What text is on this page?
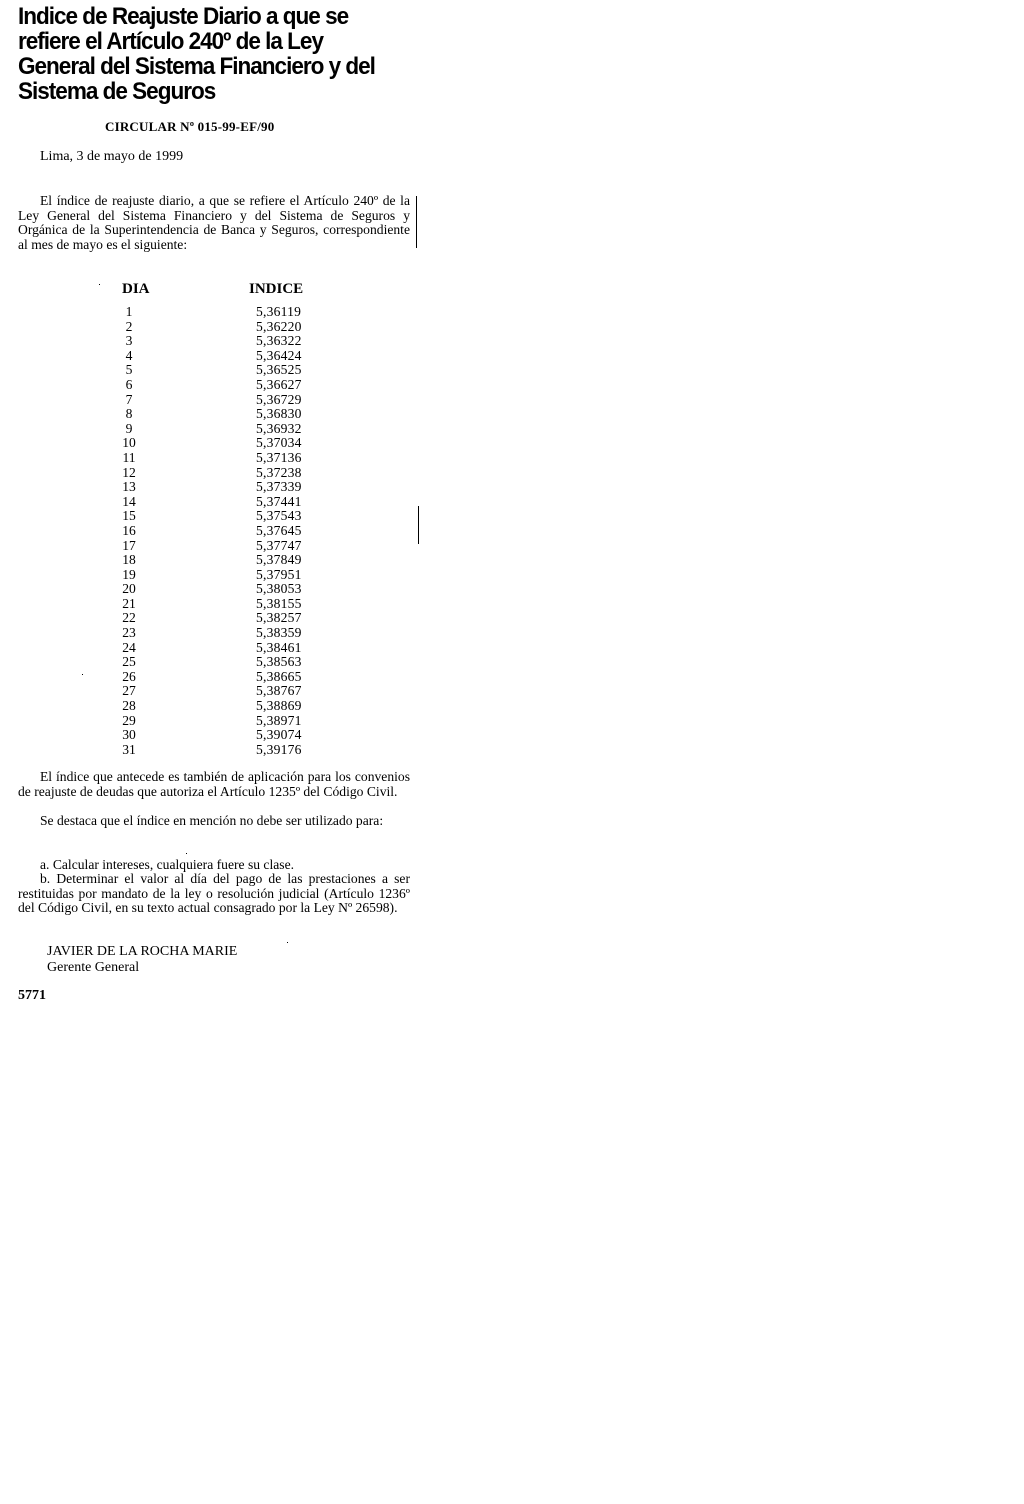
Indice de Reajuste Diario a que se refiere el Artículo 240º de la Ley General del Sistema Financiero y del Sistema de Seguros
CIRCULAR Nº 015-99-EF/90
Lima, 3 de mayo de 1999

El índice de reajuste diario, a que se refiere el Artículo 240º de la Ley General del Sistema Financiero y del Sistema de Seguros y Orgánica de la Superintendencia de Banca y Seguros, correspondiente al mes de mayo es el siguiente:

DIA	INDICE
1	5,36119
2	5,36220
3	5,36322
4	5,36424
5	5,36525
6	5,36627
7	5,36729
8	5,36830
9	5,36932
10	5,37034
11	5,37136
12	5,37238
13	5,37339
14	5,37441
15	5,37543
16	5,37645
17	5,37747
18	5,37849
19	5,37951
20	5,38053
21	5,38155
22	5,38257
23	5,38359
24	5,38461
25	5,38563
26	5,38665
27	5,38767
28	5,38869
29	5,38971
30	5,39074
31	5,39176

El índice que antecede es también de aplicación para los convenios de reajuste de deudas que autoriza el Artículo 1235º del Código Civil.

Se destaca que el índice en mención no debe ser utilizado para:

a. Calcular intereses, cualquiera fuere su clase.

b. Determinar el valor al día del pago de las prestaciones a ser restituidas por mandato de la ley o resolución judicial (Artículo 1236º del Código Civil, en su texto actual consagrado por la Ley Nº 26598).

JAVIER DE LA ROCHA MARIE
Gerente General
5771
